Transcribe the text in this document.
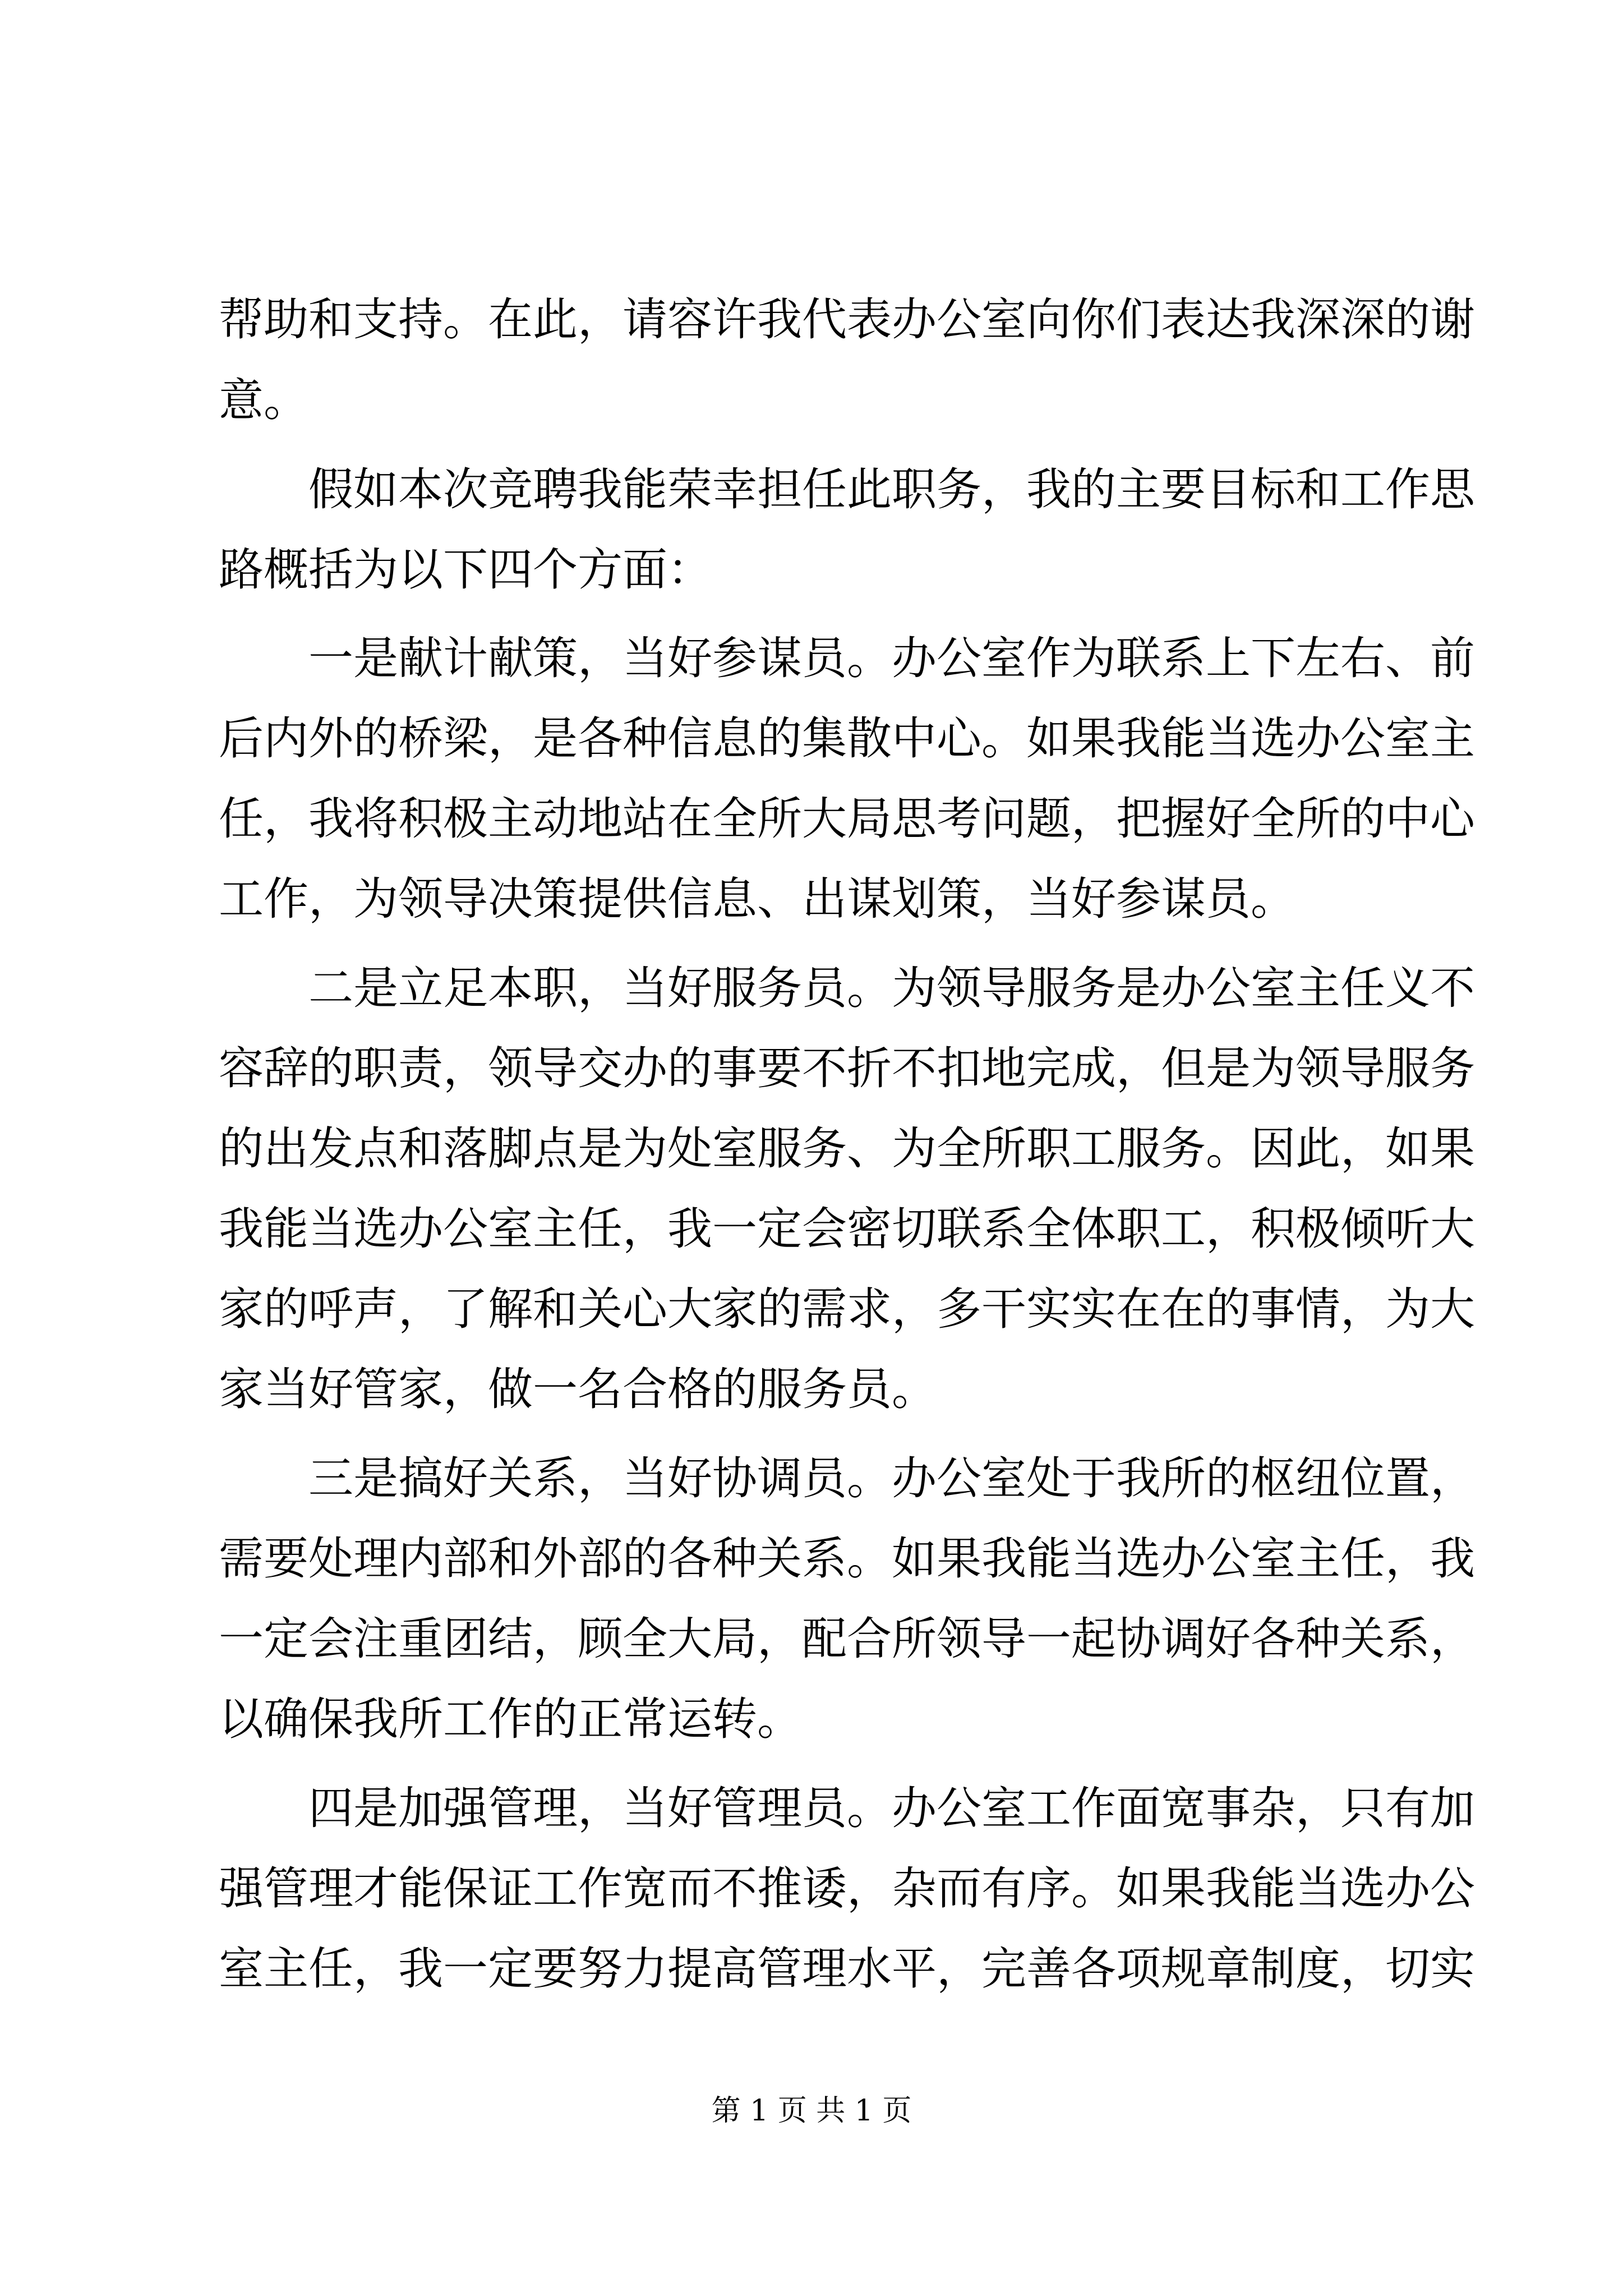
帮助和支持。在此，请容许我代表办公室向你们表达我深深的谢
意。
假如本次竞聘我能荣幸担任此职务，我的主要目标和工作思
路概括为以下四个方面：
一是献计献策，当好参谋员。办公室作为联系上下左右、前
后内外的桥梁，是各种信息的集散中心。如果我能当选办公室主
任，我将积极主动地站在全所大局思考问题，把握好全所的中心
工作，为领导决策提供信息、出谋划策，当好参谋员。
二是立足本职，当好服务员。为领导服务是办公室主任义不
容辞的职责，领导交办的事要不折不扣地完成，但是为领导服务
的出发点和落脚点是为处室服务、为全所职工服务。因此，如果
我能当选办公室主任，我一定会密切联系全体职工，积极倾听大
家的呼声，了解和关心大家的需求，多干实实在在的事情，为大
家当好管家，做一名合格的服务员。
三是搞好关系，当好协调员。办公室处于我所的枢纽位置，
需要处理内部和外部的各种关系。如果我能当选办公室主任，我
一定会注重团结，顾全大局，配合所领导一起协调好各种关系，
以确保我所工作的正常运转。
四是加强管理，当好管理员。办公室工作面宽事杂，只有加
强管理才能保证工作宽而不推诿，杂而有序。如果我能当选办公
室主任，我一定要努力提高管理水平，完善各项规章制度，切实
第 1 页 共 1 页
